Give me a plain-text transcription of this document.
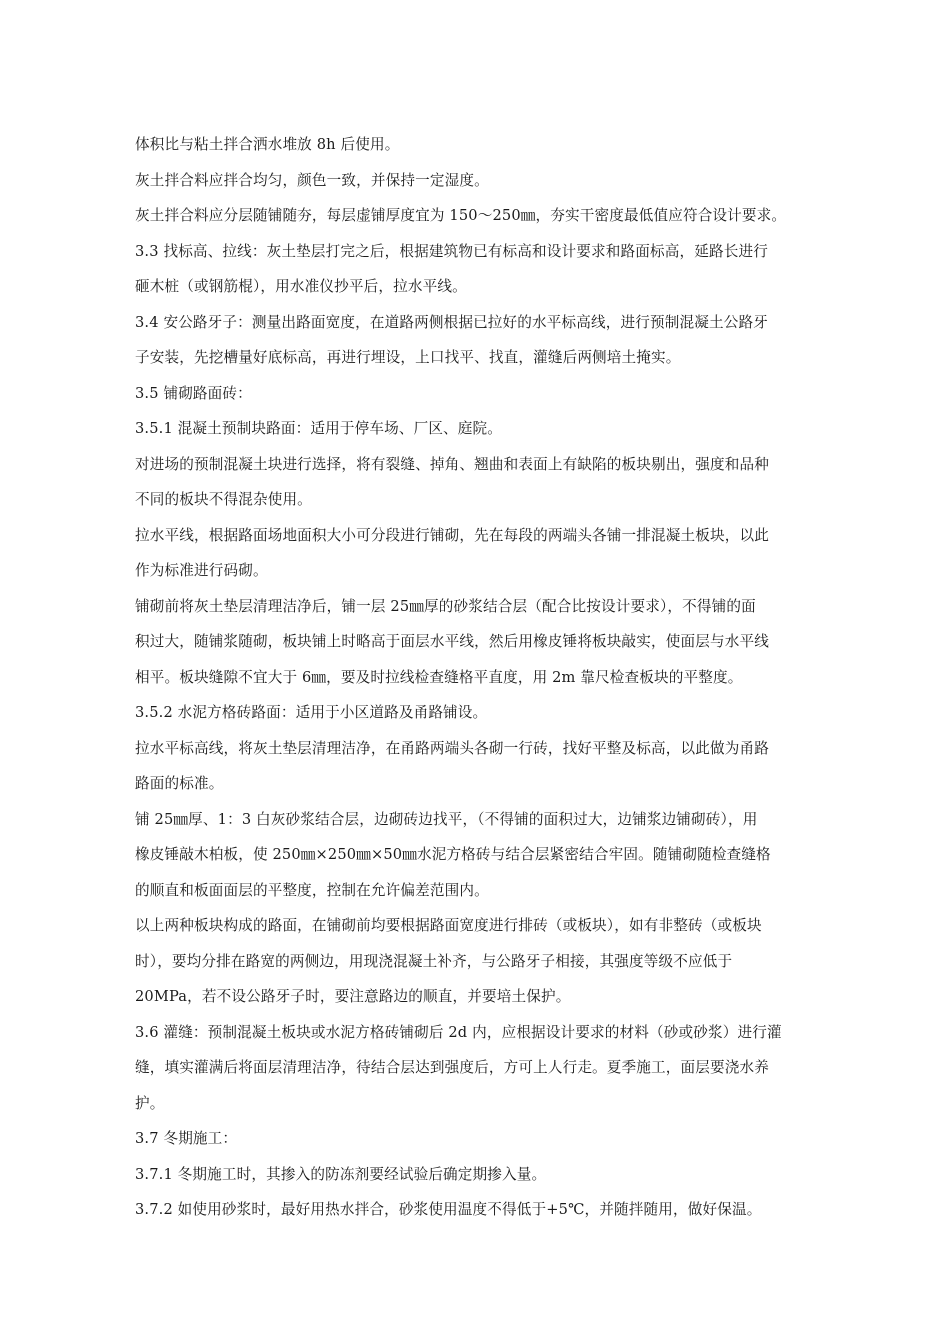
体积比与粘土拌合洒水堆放 8h 后使用。
灰土拌合料应拌合均匀，颜色一致，并保持一定湿度。
灰土拌合料应分层随铺随夯，每层虚铺厚度宜为 150～250㎜，夯实干密度最低值应符合设计要求。
3.3 找标高、拉线：灰土垫层打完之后，根据建筑物已有标高和设计要求和路面标高，延路长进行
砸木桩（或钢筋棍），用水准仪抄平后，拉水平线。
3.4 安公路牙子：测量出路面宽度，在道路两侧根据已拉好的水平标高线，进行预制混凝土公路牙
子安装，先挖槽量好底标高，再进行埋设，上口找平、找直，灌缝后两侧培土掩实。
3.5 铺砌路面砖：
3.5.1 混凝土预制块路面：适用于停车场、厂区、庭院。
对进场的预制混凝土块进行选择，将有裂缝、掉角、翘曲和表面上有缺陷的板块剔出，强度和品种
不同的板块不得混杂使用。
拉水平线，根据路面场地面积大小可分段进行铺砌，先在每段的两端头各铺一排混凝土板块，以此
作为标准进行码砌。
铺砌前将灰土垫层清理洁净后，铺一层 25㎜厚的砂浆结合层（配合比按设计要求），不得铺的面
积过大，随铺浆随砌，板块铺上时略高于面层水平线，然后用橡皮锤将板块敲实，使面层与水平线
相平。板块缝隙不宜大于 6㎜，要及时拉线检查缝格平直度，用 2m 靠尺检查板块的平整度。
3.5.2 水泥方格砖路面：适用于小区道路及甬路铺设。
拉水平标高线，将灰土垫层清理洁净，在甬路两端头各砌一行砖，找好平整及标高，以此做为甬路
路面的标准。
铺 25㎜厚、1：3 白灰砂浆结合层，边砌砖边找平，（不得铺的面积过大，边铺浆边铺砌砖），用
橡皮锤敲木柏板，使 250㎜×250㎜×50㎜水泥方格砖与结合层紧密结合牢固。随铺砌随检查缝格
的顺直和板面面层的平整度，控制在允许偏差范围内。
以上两种板块构成的路面，在铺砌前均要根据路面宽度进行排砖（或板块），如有非整砖（或板块
时），要均分排在路宽的两侧边，用现浇混凝土补齐，与公路牙子相接，其强度等级不应低于
20MPa，若不设公路牙子时，要注意路边的顺直，并要培土保护。
3.6 灌缝：预制混凝土板块或水泥方格砖铺砌后 2d 内，应根据设计要求的材料（砂或砂浆）进行灌
缝，填实灌满后将面层清理洁净，待结合层达到强度后，方可上人行走。夏季施工，面层要浇水养
护。
3.7 冬期施工：
3.7.1 冬期施工时，其掺入的防冻剂要经试验后确定期掺入量。
3.7.2 如使用砂浆时，最好用热水拌合，砂浆使用温度不得低于+5℃，并随拌随用，做好保温。
